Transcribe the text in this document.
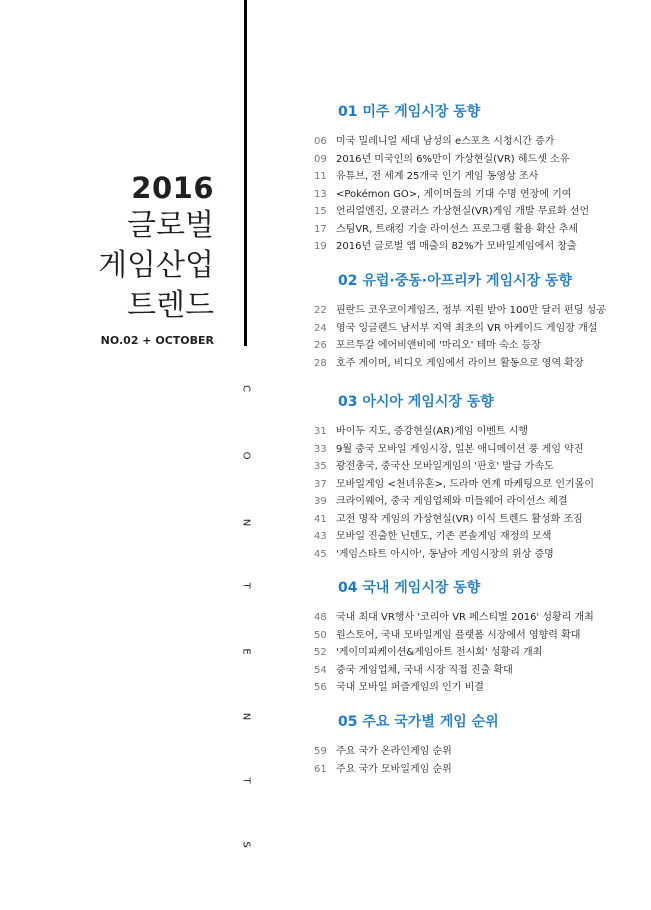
2016
글로벌
게임산업
트렌드
NO.02 + OCTOBER
C
O
N
T
E
N
T
S
01 미주 게임시장 동향
06 미국 밀레니얼 세대 남성의 e스포츠 시청시간 증가
09 2016년 미국인의 6%만이 가상현실(VR) 헤드셋 소유
11 유튜브, 전 세계 25개국 인기 게임 동영상 조사
13 <Pokémon GO>, 게이머들의 기대 수명 연장에 기여
15 언리얼엔진, 오큘러스 가상현실(VR)게임 개발 무료화 선언
17 스팀VR, 트래킹 기술 라이선스 프로그램 활용 확산 추세
19 2016년 글로벌 앱 매출의 82%가 모바일게임에서 창출
02 유럽·중동·아프리카 게임시장 동향
22 핀란드 코우코이게임즈, 정부 지원 받아 100만 달러 펀딩 성공
24 영국 잉글랜드 남서부 지역 최초의 VR 아케이드 게임장 개설
26 포르투갈 에어비앤비에 '마리오' 테마 숙소 등장
28 호주 게이머, 비디오 게임에서 라이브 활동으로 영역 확장
03 아시아 게임시장 동향
31 바이두 지도, 증강현실(AR)게임 이벤트 시행
33 9월 중국 모바일 게임시장, 일본 애니메이션 풍 게임 약진
35 광전총국, 중국산 모바일게임의 '판호' 발급 가속도
37 모바일게임 <천녀유혼>, 드라마 연계 마케팅으로 인기몰이
39 크라이웨어, 중국 게임업체와 미들웨어 라이선스 체결
41 고전 명작 게임의 가상현실(VR) 이식 트렌드 활성화 조짐
43 모바일 진출한 닌텐도, 기존 콘솔게임 재정의 모색
45 '게임스타트 아시아', 동남아 게임시장의 위상 증명
04 국내 게임시장 동향
48 국내 최대 VR행사 '코리아 VR 페스티벌 2016' 성황리 개최
50 원스토어, 국내 모바일게임 플랫폼 시장에서 영향력 확대
52 '게이미피케이션&게임아트 전시회' 성황리 개최
54 중국 게임업체, 국내 시장 직접 진출 확대
56 국내 모바일 퍼즐게임의 인기 비결
05 주요 국가별 게임 순위
59 주요 국가 온라인게임 순위
61 주요 국가 모바일게임 순위
